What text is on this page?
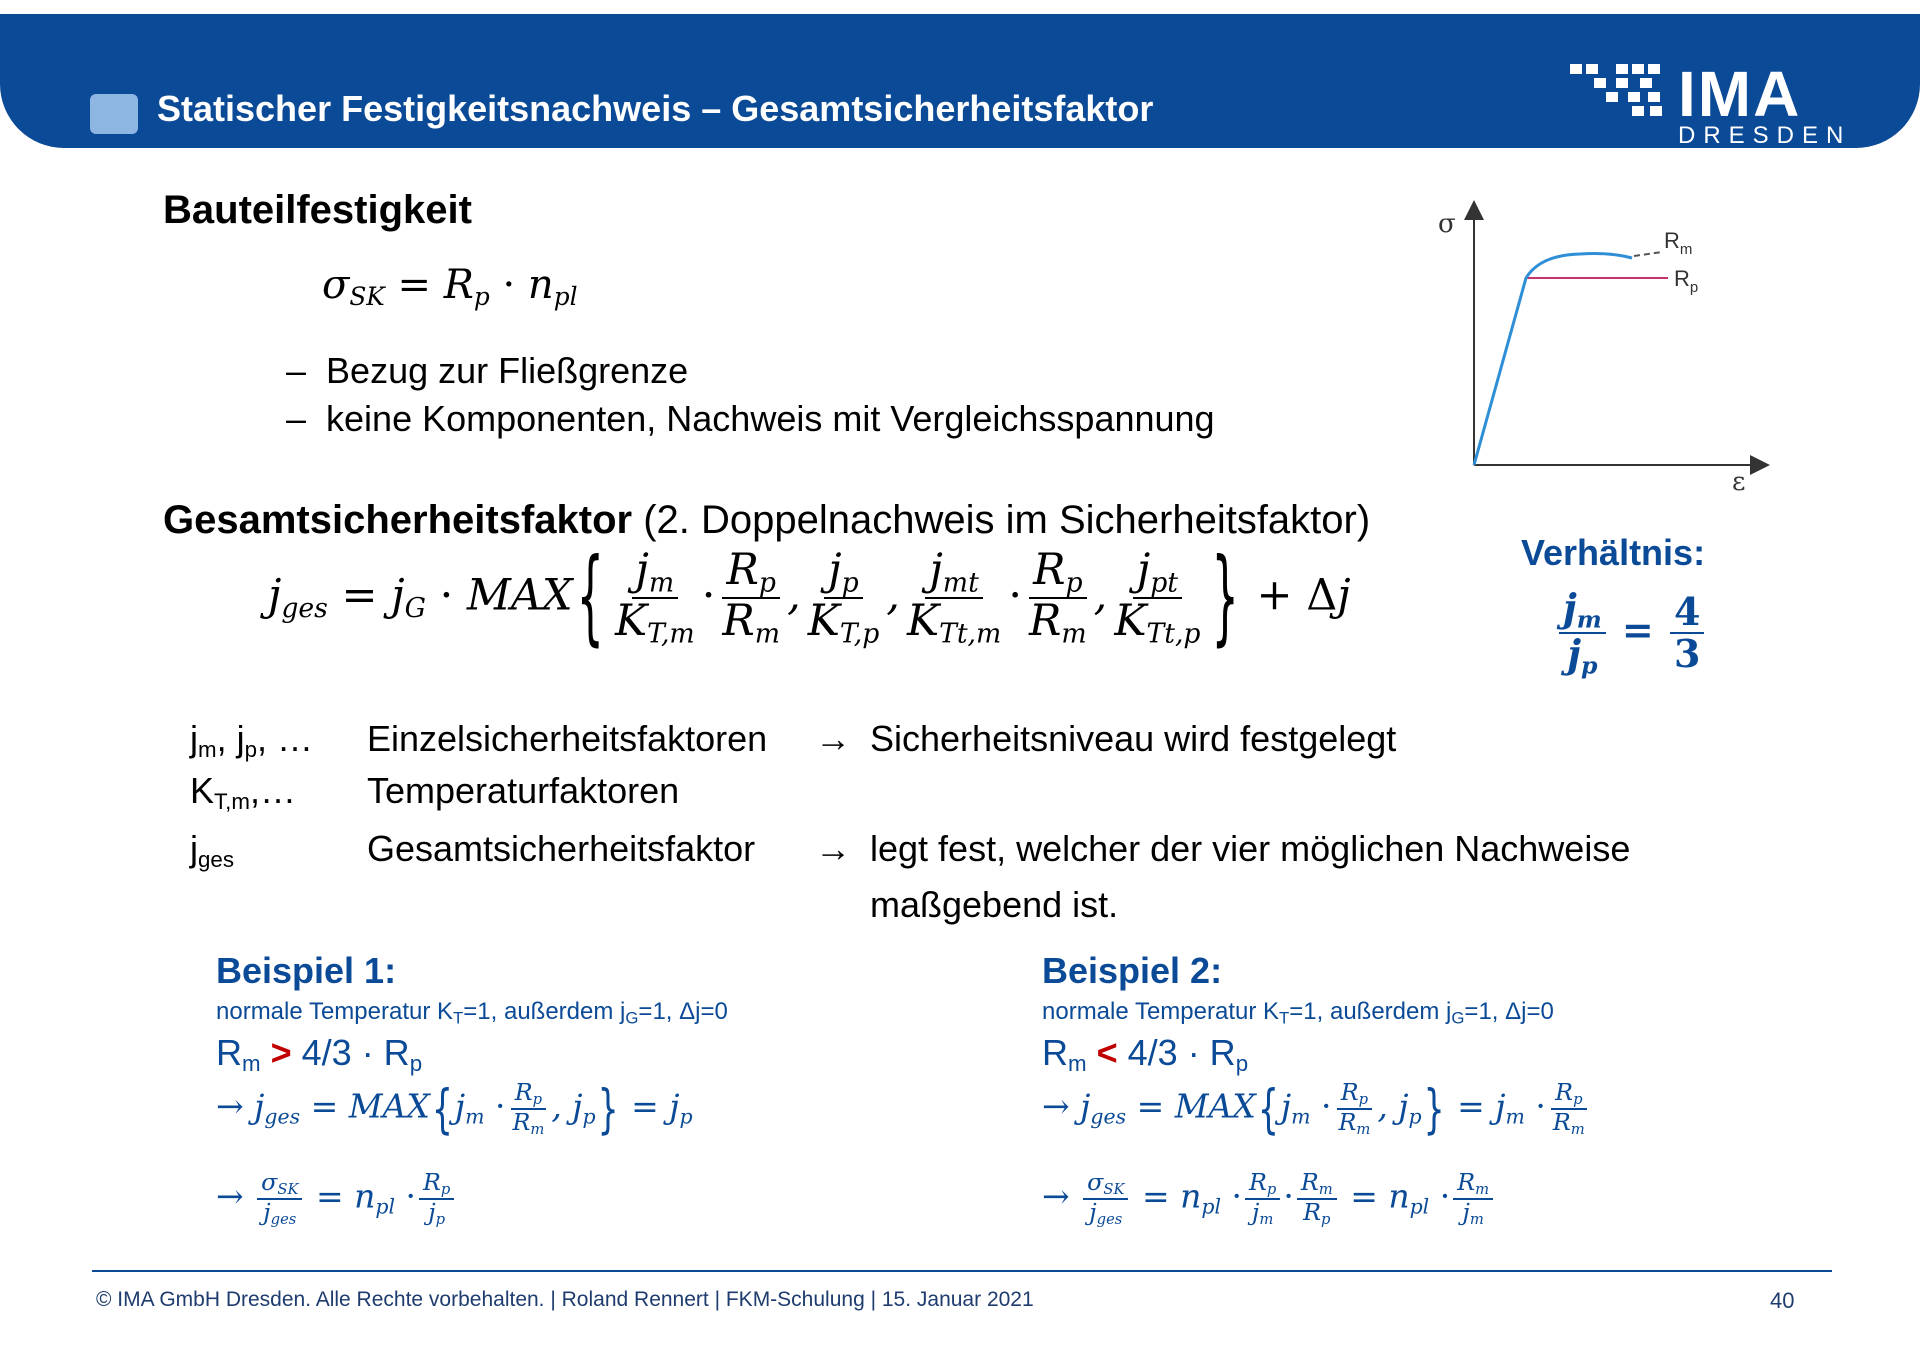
Statischer Festigkeitsnachweis – Gesamtsicherheitsfaktor	IMA
DRESDEN
Bauteilfestigkeit
$\sigma_{SK} = R_p \cdot n_{pl}$
–  Bezug zur Fließgrenze
–  keine Komponenten, Nachweis mit Vergleichsspannung
σ
ε
$R_m$
$R_p$
Gesamtsicherheitsfaktor (2. Doppelnachweis im Sicherheitsfaktor)
$j_{ges} = j_G \cdot MAX\{ \frac{j_m}{K_{T,m}} \cdot \frac{R_p}{R_m}$ , $\frac{j_p}{K_{T,p}}$ , $\frac{j_{mt}}{K_{Tt,m}} \cdot \frac{R_p}{R_m}$ , $\frac{j_{pt}}{K_{Tt,p}}$ } + Δj
Verhältnis:
$\frac{j_m}{j_p} = \frac{4}{3}$
$j_m$, $j_p$, … Einzelsicherheitsfaktoren → Sicherheitsniveau wird festgelegt
$K_{T,m},\dots$ Temperaturfaktoren
$j_{ges}$	Gesamtsicherheitsfaktor → legt fest, welcher der vier möglichen Nachweise
maßgebend ist.
Beispiel 1:
normale Temperatur $K_T=1$, außerdem $j_G=1$, Δj=0
$R_m > 4/3 \cdot R_p$
→ $j_{ges} = MAX\{j_m \cdot \frac{R_p}{R_m}$ , $j_p\} = j_p$
→ $\frac{\sigma_{SK}}{j_{ges}} = n_{pl} \cdot \frac{R_p}{j_p}$
Beispiel 2:
normale Temperatur $K_T=1$, außerdem $j_G=1$, Δj=0
$R_m < 4/3 \cdot R_p$
→ $j_{ges} = MAX\{j_m \cdot \frac{R_p}{R_m}$ , $j_p\} = j_m \cdot \frac{R_p}{R_m}$
→ $\frac{\sigma_{SK}}{j_{ges}} = n_{pl} \cdot \frac{R_p}{j_m} \cdot \frac{R_m}{R_p} = n_{pl} \cdot \frac{R_m}{j_m}$
© IMA GmbH Dresden. Alle Rechte vorbehalten. | Roland Rennert | FKM-Schulung | 15. Januar 2021	40
